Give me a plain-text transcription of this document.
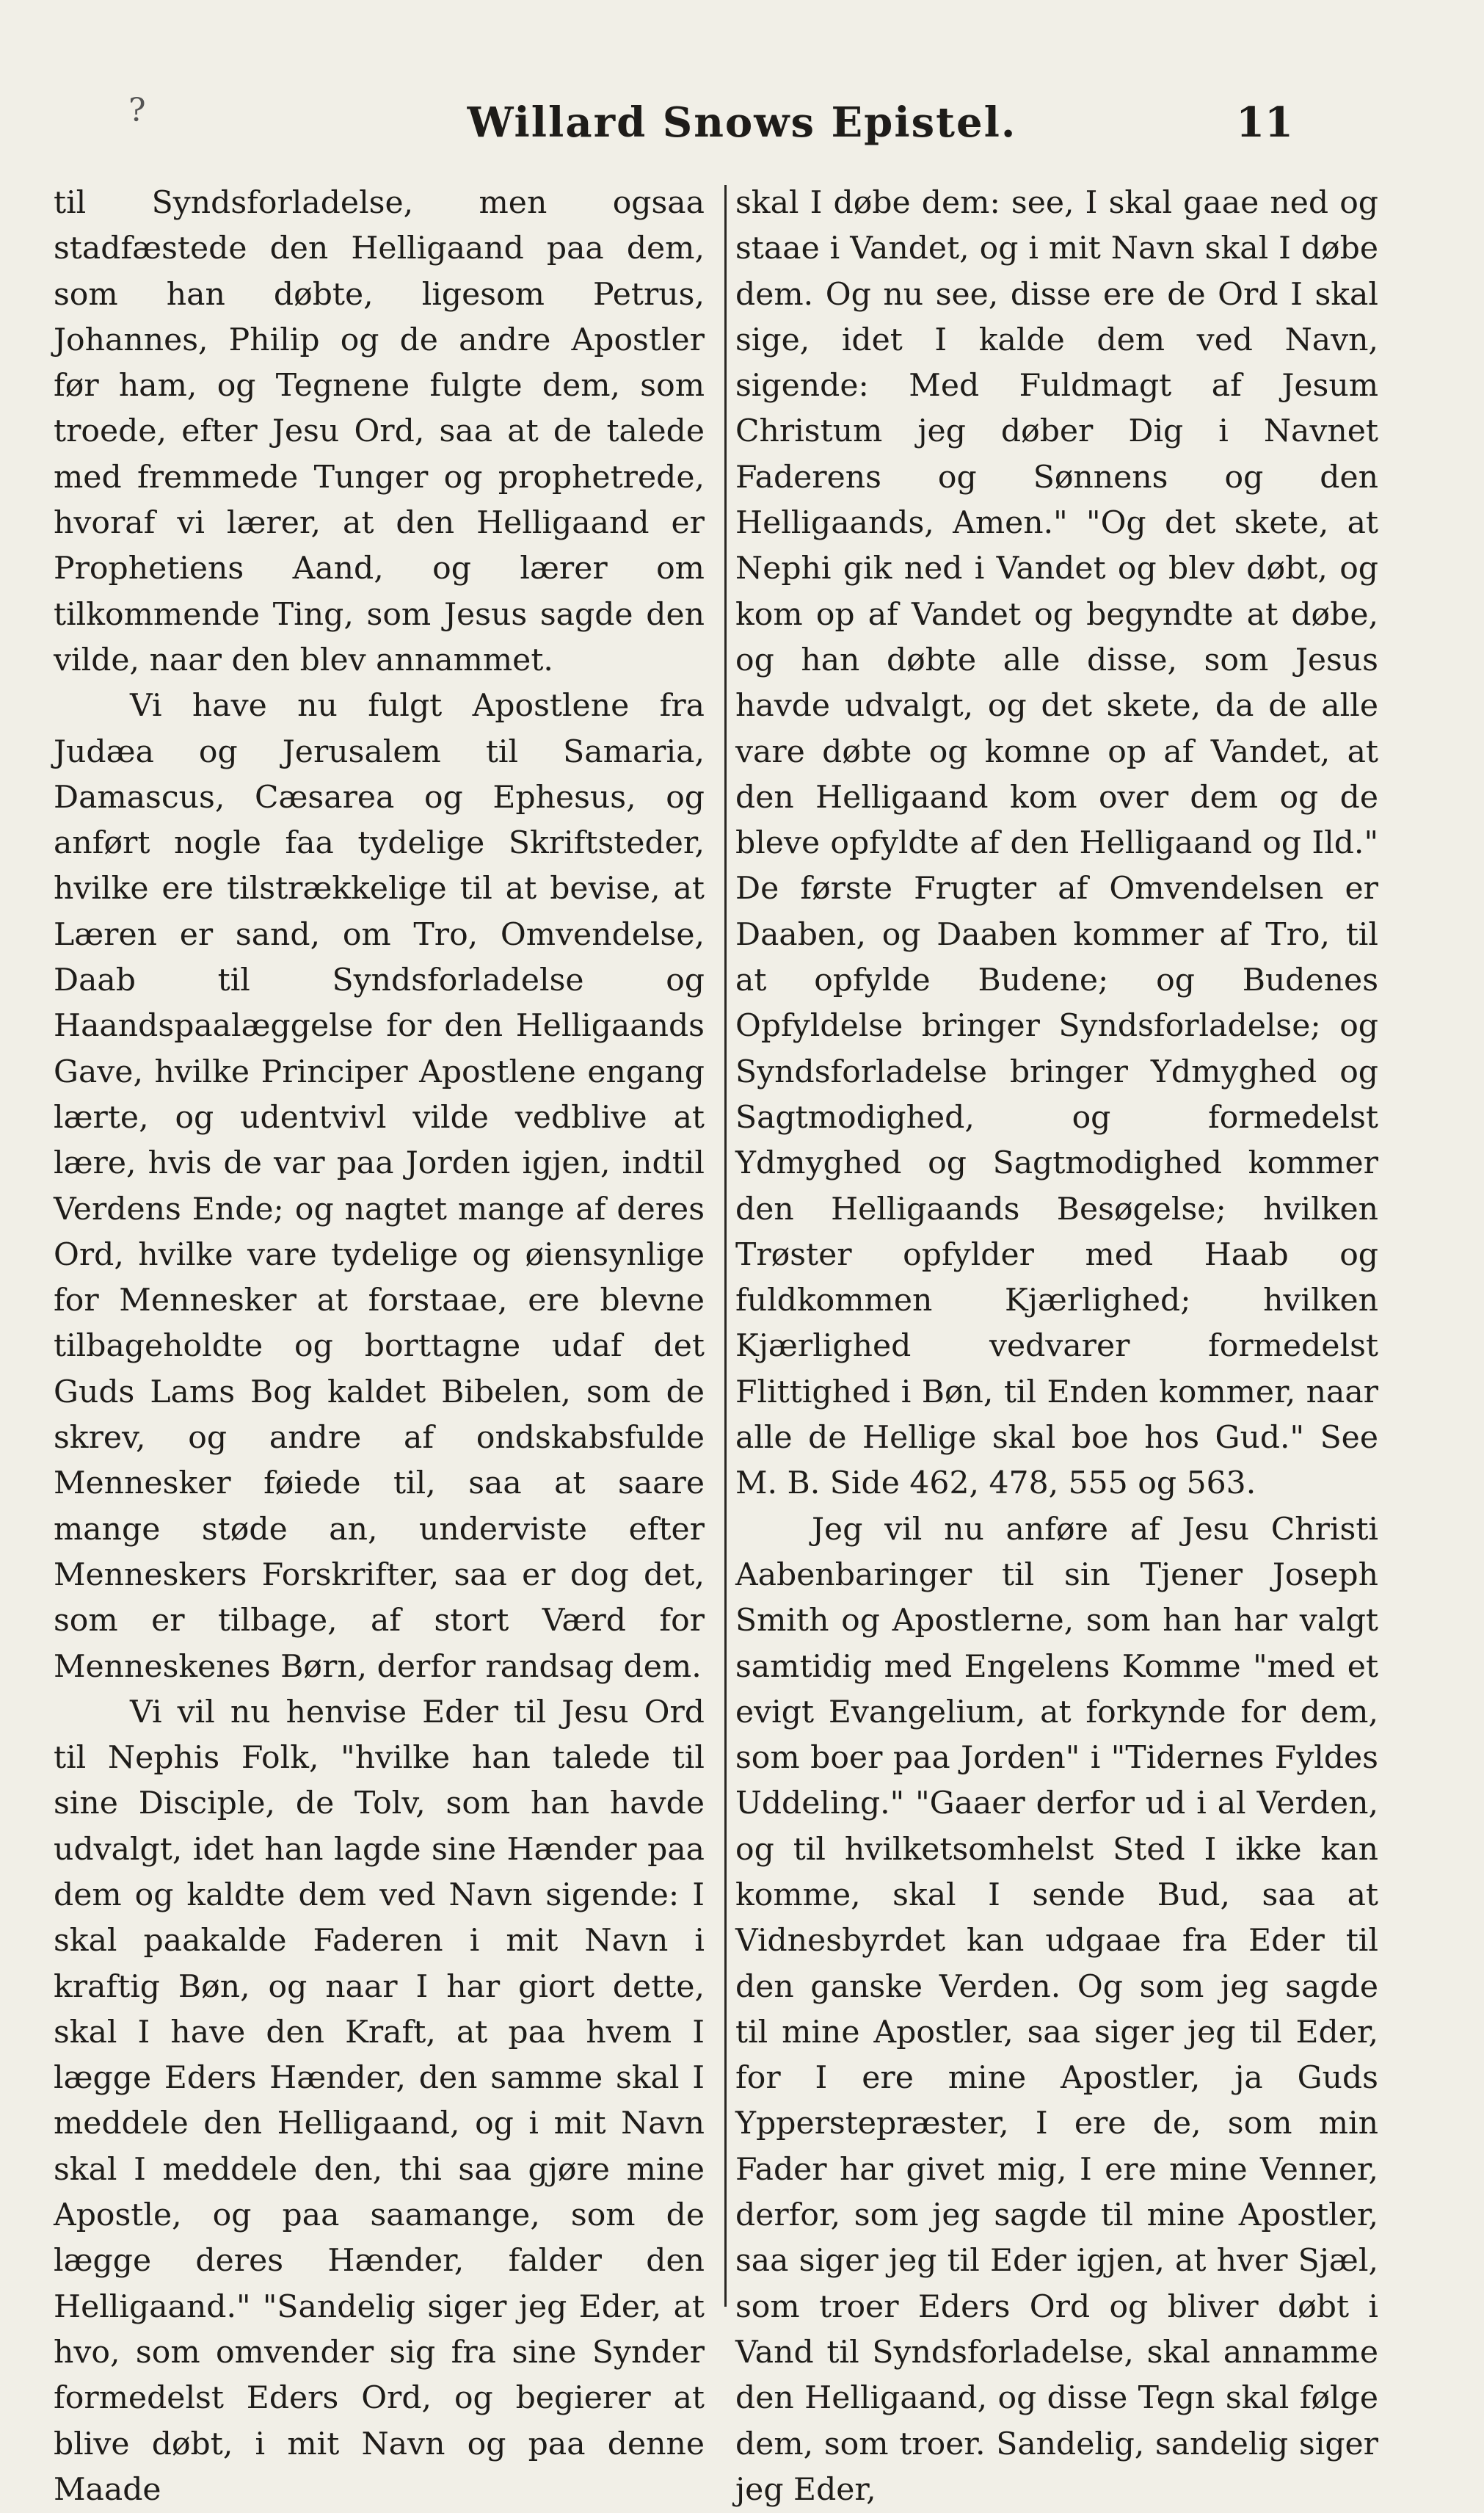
?	Willard Snows Epistel.	11

til Syndsforladelse, men ogsaa stadfæstede den Helligaand paa dem, som han døbte, ligesom Petrus, Johannes, Philip og de andre Apostler før ham, og Tegnene fulgte dem, som troede, efter Jesu Ord, saa at de talede med fremmede Tunger og prophetrede, hvoraf vi lærer, at den Helligaand er Prophetiens Aand, og lærer om tilkommende Ting, som Jesus sagde den vilde, naar den blev annammet.

Vi have nu fulgt Apostlene fra Judæa og Jerusalem til Samaria, Damascus, Cæsarea og Ephesus, og anført nogle faa tydelige Skriftsteder, hvilke ere tilstrækkelige til at bevise, at Læren er sand, om Tro, Omvendelse, Daab til Syndsforladelse og Haandspaalæggelse for den Helligaands Gave, hvilke Principer Apostlene engang lærte, og udentvivl vilde vedblive at lære, hvis de var paa Jorden igjen, indtil Verdens Ende; og nagtet mange af deres Ord, hvilke vare tydelige og øiensynlige for Mennesker at forstaae, ere blevne tilbageholdte og borttagne udaf det Guds Lams Bog kaldet Bibelen, som de skrev, og andre af ondskabsfulde Mennesker føiede til, saa at saare mange støde an, underviste efter Menneskers Forskrifter, saa er dog det, som er tilbage, af stort Værd for Menneskenes Børn, derfor randsag dem.

Vi vil nu henvise Eder til Jesu Ord til Nephis Folk, "hvilke han talede til sine Disciple, de Tolv, som han havde udvalgt, idet han lagde sine Hænder paa dem og kaldte dem ved Navn sigende: I skal paakalde Faderen i mit Navn i kraftig Bøn, og naar I har giort dette, skal I have den Kraft, at paa hvem I lægge Eders Hænder, den samme skal I meddele den Helligaand, og i mit Navn skal I meddele den, thi saa gjøre mine Apostle, og paa saamange, som de lægge deres Hænder, falder den Helligaand." "Sandelig siger jeg Eder, at hvo, som omvender sig fra sine Synder formedelst Eders Ord, og begierer at blive døbt, i mit Navn og paa denne Maade

skal I døbe dem: see, I skal gaae ned og staae i Vandet, og i mit Navn skal I døbe dem. Og nu see, disse ere de Ord I skal sige, idet I kalde dem ved Navn, sigende: Med Fuldmagt af Jesum Christum jeg døber Dig i Navnet Faderens og Sønnens og den Helligaands, Amen." "Og det skete, at Nephi gik ned i Vandet og blev døbt, og kom op af Vandet og begyndte at døbe, og han døbte alle disse, som Jesus havde udvalgt, og det skete, da de alle vare døbte og komne op af Vandet, at den Helligaand kom over dem og de bleve opfyldte af den Helligaand og Ild." De første Frugter af Omvendelsen er Daaben, og Daaben kommer af Tro, til at opfylde Budene; og Budenes Opfyldelse bringer Syndsforladelse; og Syndsforladelse bringer Ydmyghed og Sagtmodighed, og formedelst Ydmyghed og Sagtmodighed kommer den Helligaands Besøgelse; hvilken Trøster opfylder med Haab og fuldkommen Kjærlighed; hvilken Kjærlighed vedvarer formedelst Flittighed i Bøn, til Enden kommer, naar alle de Hellige skal boe hos Gud." See M. B. Side 462, 478, 555 og 563.

Jeg vil nu anføre af Jesu Christi Aabenbaringer til sin Tjener Joseph Smith og Apostlerne, som han har valgt samtidig med Engelens Komme "med et evigt Evangelium, at forkynde for dem, som boer paa Jorden" i "Tidernes Fyldes Uddeling." "Gaaer derfor ud i al Verden, og til hvilketsomhelst Sted I ikke kan komme, skal I sende Bud, saa at Vidnesbyrdet kan udgaae fra Eder til den ganske Verden. Og som jeg sagde til mine Apostler, saa siger jeg til Eder, for I ere mine Apostler, ja Guds Ypperstepræster, I ere de, som min Fader har givet mig, I ere mine Venner, derfor, som jeg sagde til mine Apostler, saa siger jeg til Eder igjen, at hver Sjæl, som troer Eders Ord og bliver døbt i Vand til Syndsforladelse, skal annamme den Helligaand, og disse Tegn skal følge dem, som troer. Sandelig, sandelig siger jeg Eder,
